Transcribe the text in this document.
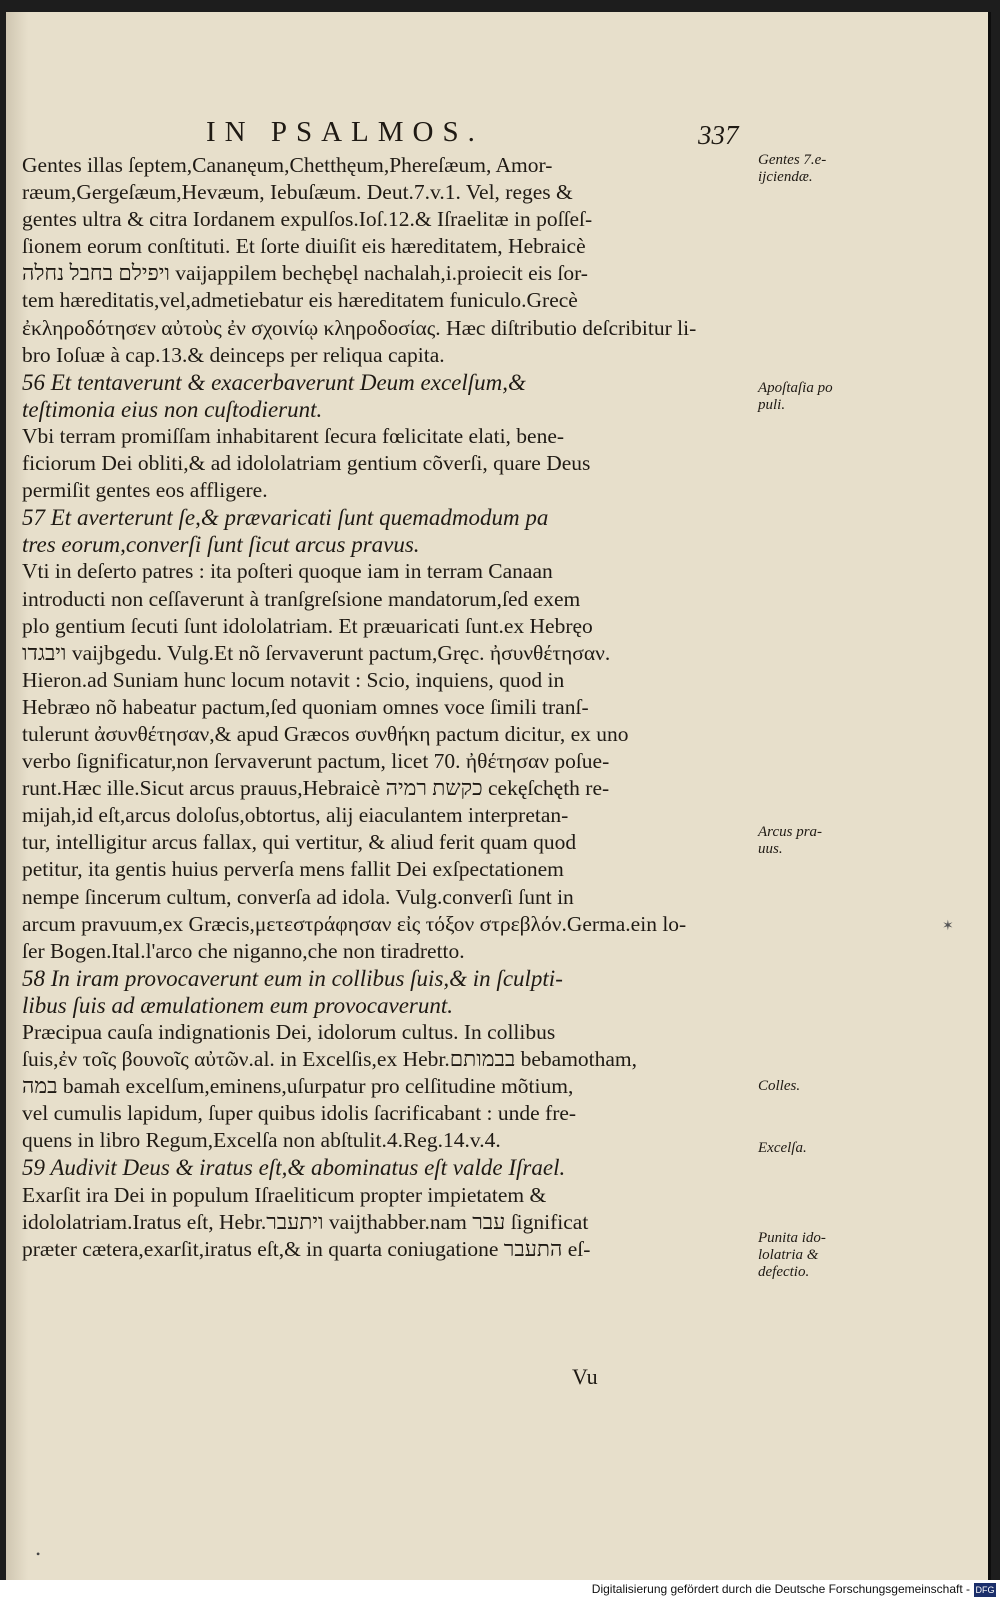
IN PSALMOS.	337
Gentes illas ſeptem,Cananęum,Chetthęum,Phereſæum, Amor-
ræum,Gergeſæum,Hevæum, Iebuſæum. Deut.7.v.1. Vel, reges &
gentes ultra & citra Iordanem expulſos.Ioſ.12.& Iſraelitæ in poſſeſ-
ſionem eorum conſtituti. Et ſorte diuiſit eis hæreditatem, Hebraicè
ויפילם בחבל נחלה vaijappilem bechębęl nachalah,i.proiecit eis ſor-
tem hæreditatis,vel,admetiebatur eis hæreditatem funiculo.Grecè
ἐκληροδότησεν αὐτοὺς ἐν σχοινίῳ κληροδοσίας. Hæc diſtributio deſcribitur li-
bro Ioſuæ à cap.13.& deinceps per reliqua capita.
56 Et tentaverunt & exacerbaverunt Deum excelſum,&
teſtimonia eius non cuſtodierunt.
Vbi terram promiſſam inhabitarent ſecura fœlicitate elati, bene-
ficiorum Dei obliti,& ad idololatriam gentium cõverſi, quare Deus
permiſit gentes eos affligere.
57 Et averterunt ſe,& prævaricati ſunt quemadmodum pa
tres eorum,converſi ſunt ſicut arcus pravus.
Vti in deſerto patres : ita poſteri quoque iam in terram Canaan
introducti non ceſſaverunt à tranſgreſsione mandatorum,ſed exem
plo gentium ſecuti ſunt idololatriam. Et præuaricati ſunt.ex Hebręo
ויבגדו vaijbgedu. Vulg.Et nõ ſervaverunt pactum,Gręc. ἠσυνθέτησαν.
Hieron.ad Suniam hunc locum notavit : Scio, inquiens, quod in
Hebræo nõ habeatur pactum,ſed quoniam omnes voce ſimili tranſ-
tulerunt ἀσυνθέτησαν,& apud Græcos συνθήκη pactum dicitur, ex uno
verbo ſignificatur,non ſervaverunt pactum, licet 70. ἠθέτησαν poſue-
runt.Hæc ille.Sicut arcus prauus,Hebraicè כקשת רמיה cekęſchęth re-
mijah,id eſt,arcus doloſus,obtortus, alij eiaculantem interpretan-
tur, intelligitur arcus fallax, qui vertitur, & aliud ferit quam quod
petitur, ita gentis huius perverſa mens fallit Dei exſpectationem
nempe ſincerum cultum, converſa ad idola. Vulg.converſi ſunt in
arcum pravuum,ex Græcis,μετεστράφησαν εἰς τόξον στρεβλόν.Germa.ein lo-
ſer Bogen.Ital.l'arco che niganno,che non tiradretto.
58 In iram provocaverunt eum in collibus ſuis,& in ſculpti-
libus ſuis ad æmulationem eum provocaverunt.
Præcipua cauſa indignationis Dei, idolorum cultus. In collibus
ſuis,ἐν τοῖς βουνοῖς αὐτῶν.al. in Excelſis,ex Hebr.בבמותם bebamotham,
במה bamah excelſum,eminens,uſurpatur pro celſitudine mõtium,
vel cumulis lapidum, ſuper quibus idolis ſacrificabant : unde fre-
quens in libro Regum,Excelſa non abſtulit.4.Reg.14.v.4.
59 Audivit Deus & iratus eſt,& abominatus eſt valde Iſrael.
Exarſit ira Dei in populum Iſraeliticum propter impietatem &
idololatriam.Iratus eſt, Hebr.ויתעבר vaijthabber.nam עבר ſignificat
præter cætera,exarſit,iratus eſt,& in quarta coniugatione התעבר eſ-
Vu
Gentes 7.e-
ijciendæ.
Apoſtaſia po
puli.
Arcus pra-
uus.
Colles.
Excelſa.
Punita ido-
lolatria &
defectio.
✶
•
Digitalisierung gefördert durch die Deutsche Forschungsgemeinschaft - DFG
